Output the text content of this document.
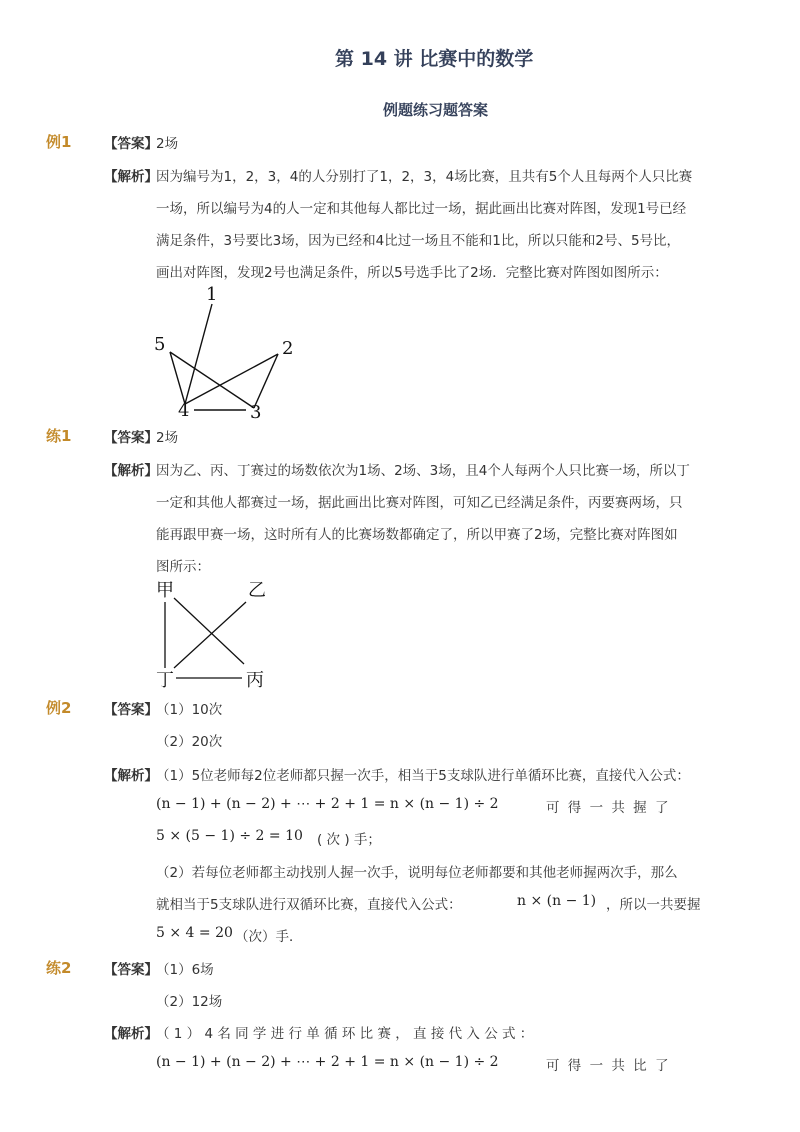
第 14 讲 比赛中的数学
例题练习题答案
例1 【答案】
2场
【解析】
因为编号为1，2，3，4的人分别打了1，2，3，4场比赛，且共有5个人且每两个人只比赛
一场，所以编号为4的人一定和其他每人都比过一场，据此画出比赛对阵图，发现1号已经
满足条件，3号要比3场，因为已经和4比过一场且不能和1比，所以只能和2号、5号比，
画出对阵图，发现2号也满足条件，所以5号选手比了2场．完整比赛对阵图如图所示：
1
2
3
4
5
练1 【答案】
2场
【解析】
因为乙、丙、丁赛过的场数依次为1场、2场、3场，且4个人每两个人只比赛一场，所以丁
一定和其他人都赛过一场，据此画出比赛对阵图，可知乙已经满足条件，丙要赛两场，只
能再跟甲赛一场，这时所有人的比赛场数都确定了，所以甲赛了2场，完整比赛对阵图如
图所示：
甲	乙
丙
丁
例2 【答案】
（1）10次
（2）20次
【解析】
（1）5位老师每2位老师都只握一次手，相当于5支球队进行单循环比赛，直接代入公式：
(n − 1) + (n − 2) + ⋯ + 2 + 1 = n × (n − 1) ÷ 2	可 得 一 共 握 了
5 × (5 − 1) ÷ 2 = 10 ( 次 ) 手；
（2）若每位老师都主动找别人握一次手，说明每位老师都要和其他老师握两次手，那么
就相当于5支球队进行双循环比赛，直接代入公式：	n × (n − 1) ，所以一共要握
5 × 4 = 20 （次）手．
练2 【答案】
（1）6场
（2）12场
【解析】
（ 1 ） 4 名 同 学 进 行 单 循 环 比 赛 ， 直 接 代 入 公 式 ：
(n − 1) + (n − 2) + ⋯ + 2 + 1 = n × (n − 1) ÷ 2	可 得 一 共 比 了
